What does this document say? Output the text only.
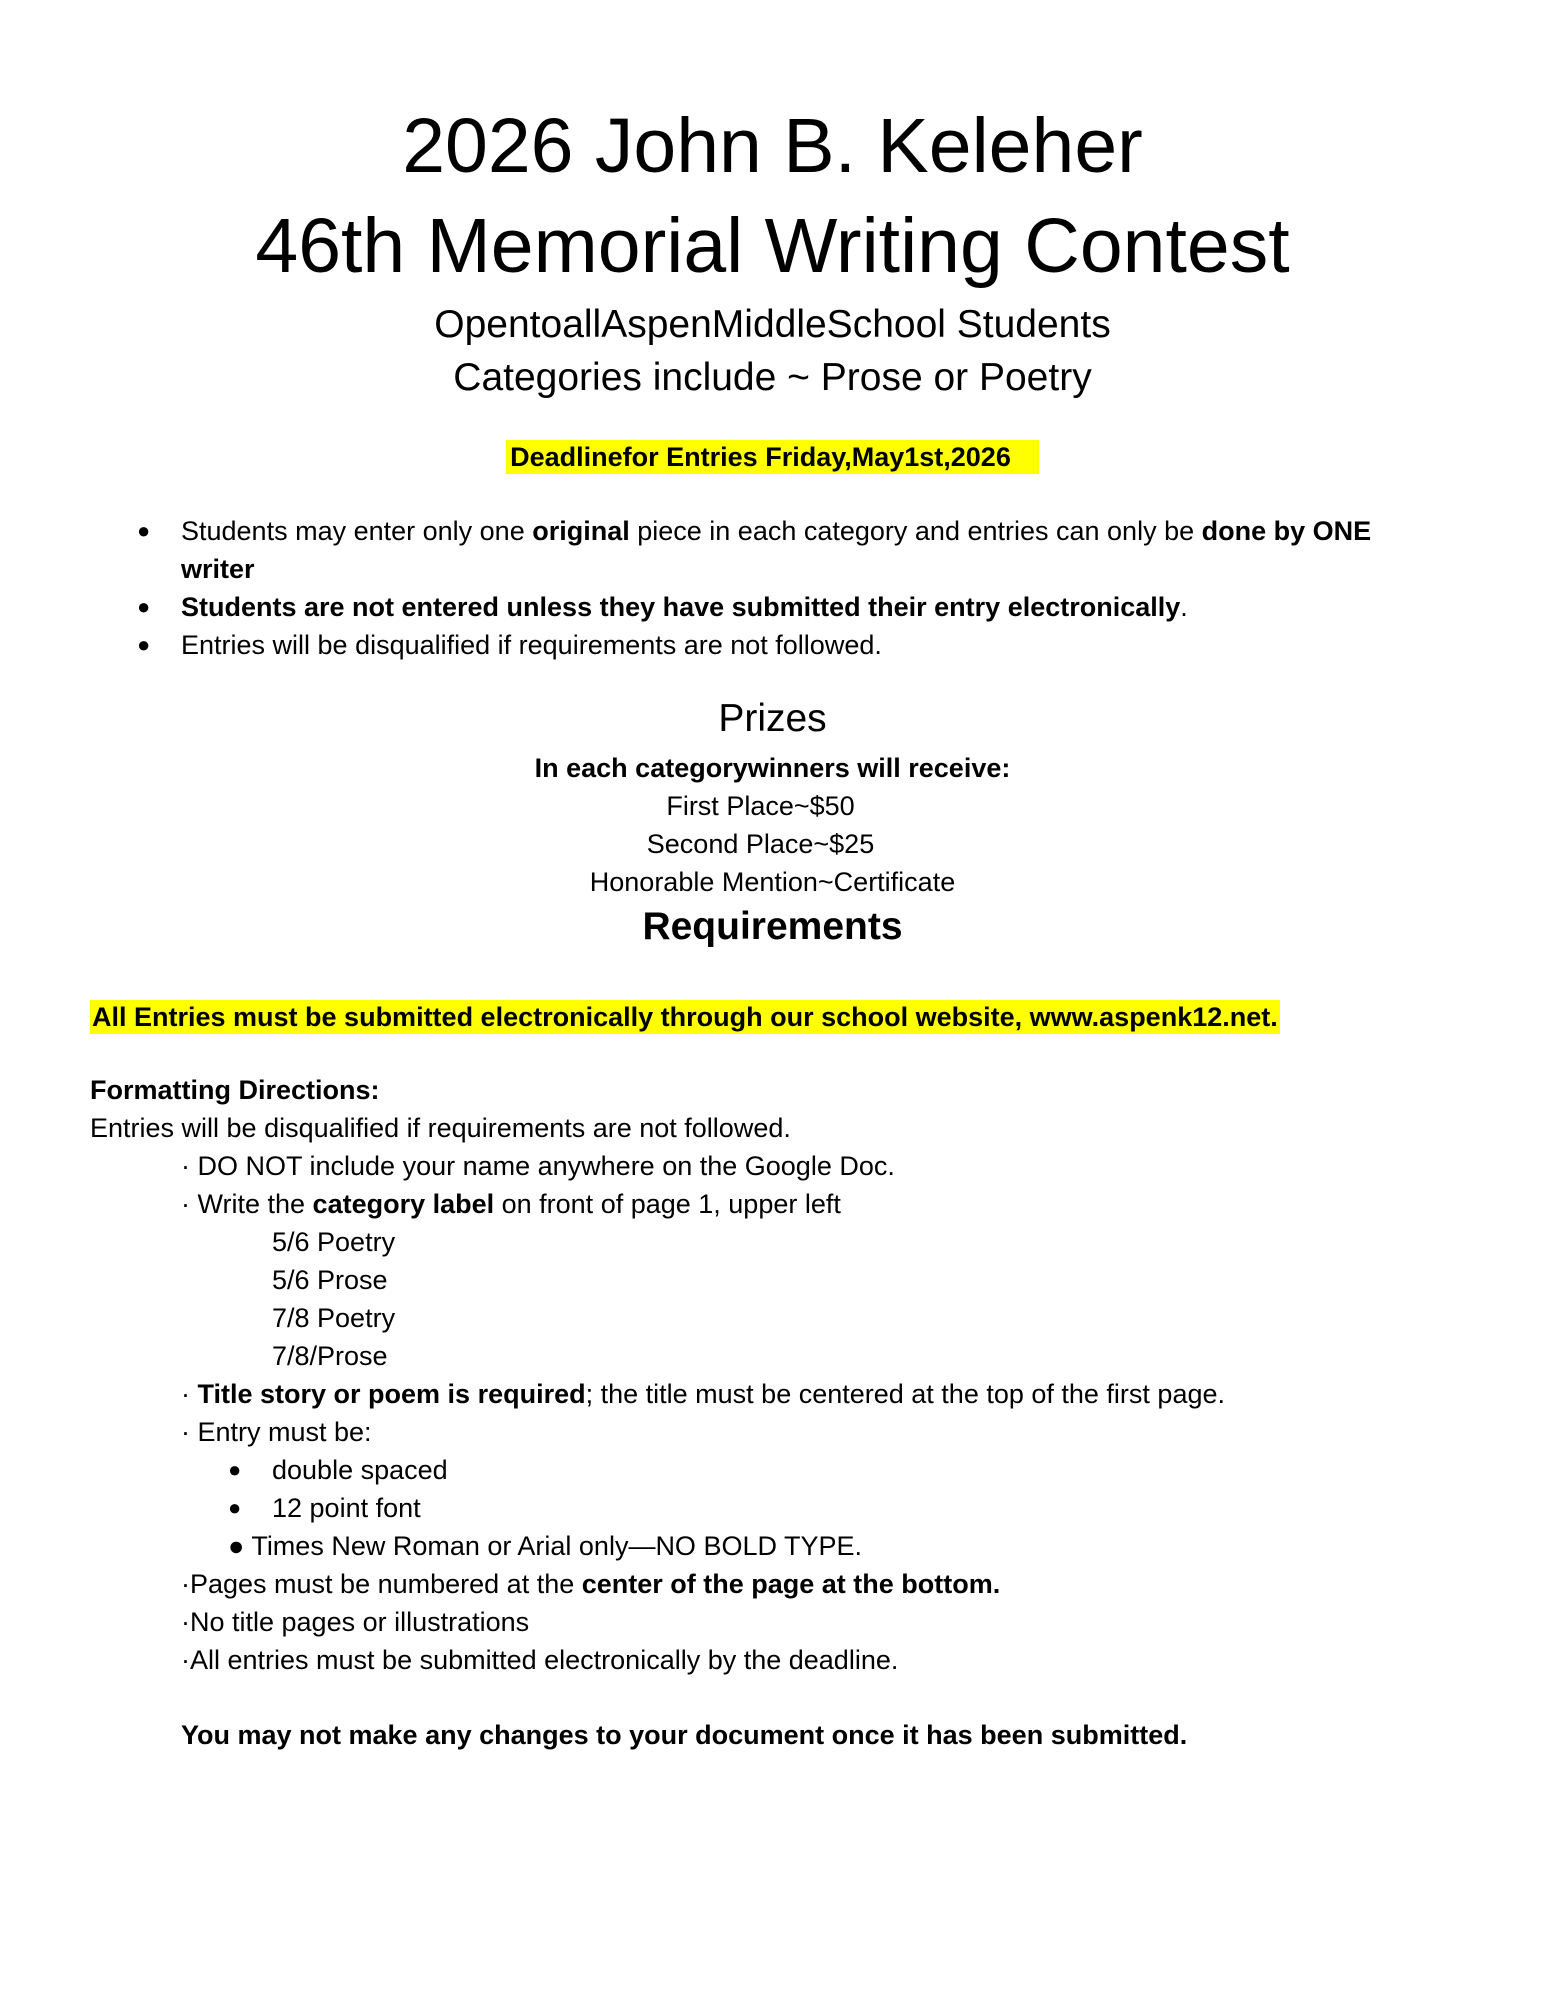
2026 John B. Keleher
46th Memorial Writing Contest
OpentoallAspenMiddleSchool Students
Categories include ~ Prose or Poetry
Deadlinefor Entries Friday,May1st,2026
● Students may enter only one original piece in each category and entries can only be done by ONE
writer
● Students are not entered unless they have submitted their entry electronically.
● Entries will be disqualified if requirements are not followed.
Prizes
In each categorywinners will receive:
First Place~$50
Second Place~$25
Honorable Mention~Certificate
Requirements
All Entries must be submitted electronically through our school website, www.aspenk12.net.
Formatting Directions:
Entries will be disqualified if requirements are not followed.
· DO NOT include your name anywhere on the Google Doc.
· Write the category label on front of page 1, upper left
5/6 Poetry
5/6 Prose
7/8 Poetry
7/8/Prose
· Title story or poem is required; the title must be centered at the top of the first page.
· Entry must be:
● double spaced
● 12 point font
● Times New Roman or Arial only—NO BOLD TYPE.
·Pages must be numbered at the center of the page at the bottom.
·No title pages or illustrations
·All entries must be submitted electronically by the deadline.
You may not make any changes to your document once it has been submitted.
